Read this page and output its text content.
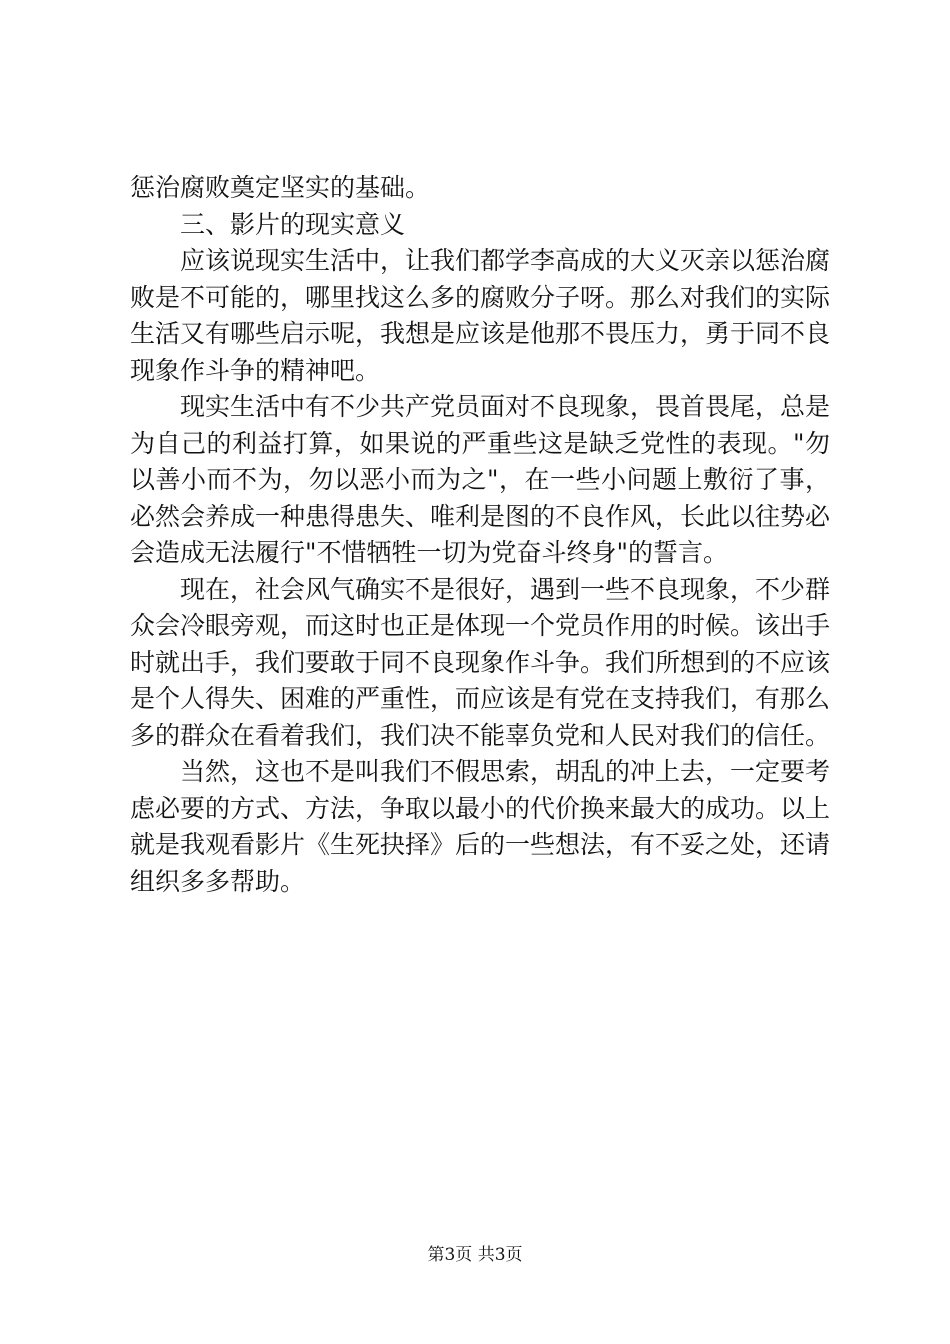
惩治腐败奠定坚实的基础。

三、影片的现实意义

应该说现实生活中，让我们都学李高成的大义灭亲以惩治腐败是不可能的，哪里找这么多的腐败分子呀。那么对我们的实际生活又有哪些启示呢，我想是应该是他那不畏压力，勇于同不良现象作斗争的精神吧。

现实生活中有不少共产党员面对不良现象，畏首畏尾，总是为自己的利益打算，如果说的严重些这是缺乏党性的表现。"勿以善小而不为，勿以恶小而为之"，在一些小问题上敷衍了事，必然会养成一种患得患失、唯利是图的不良作风，长此以往势必会造成无法履行"不惜牺牲一切为党奋斗终身"的誓言。

现在，社会风气确实不是很好，遇到一些不良现象，不少群众会冷眼旁观，而这时也正是体现一个党员作用的时候。该出手时就出手，我们要敢于同不良现象作斗争。我们所想到的不应该是个人得失、困难的严重性，而应该是有党在支持我们，有那么多的群众在看着我们，我们决不能辜负党和人民对我们的信任。

当然，这也不是叫我们不假思索，胡乱的冲上去，一定要考虑必要的方式、方法，争取以最小的代价换来最大的成功。以上就是我观看影片《生死抉择》后的一些想法，有不妥之处，还请组织多多帮助。

第3页 共3页
